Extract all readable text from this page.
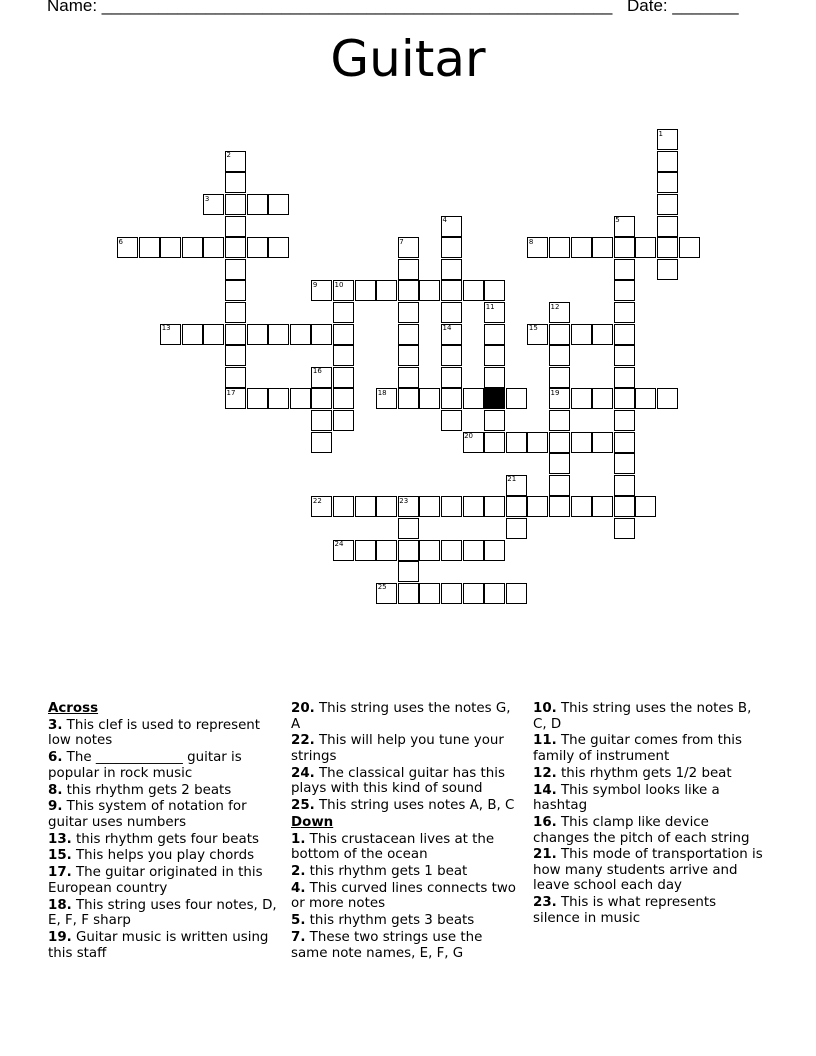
Name: ______________________________________________________ Date: _______
Guitar
1
2
3
4	5
6	7	8
9 10
11	12
13	14	15
16
17	18	19
20
21
22	23
24
25

Across

3. This clef is used to represent low notes

6. The _____________ guitar is popular in rock music

8. this rhythm gets 2 beats

9. This system of notation for guitar uses numbers

13. this rhythm gets four beats

15. This helps you play chords

17. The guitar originated in this European country

18. This string uses four notes, D, E, F, F sharp

19. Guitar music is written using this staff

20. This string uses the notes G, A

22. This will help you tune your strings

24. The classical guitar has this plays with this kind of sound

25. This string uses notes A, B, C

Down

1. This crustacean lives at the bottom of the ocean

2. this rhythm gets 1 beat

4. This curved lines connects two or more notes

5. this rhythm gets 3 beats

7. These two strings use the same note names, E, F, G

10. This string uses the notes B, C, D

11. The guitar comes from this family of instrument

12. this rhythm gets 1/2 beat

14. This symbol looks like a hashtag

16. This clamp like device changes the pitch of each string

21. This mode of transportation is how many students arrive and leave school each day

23. This is what represents silence in music
